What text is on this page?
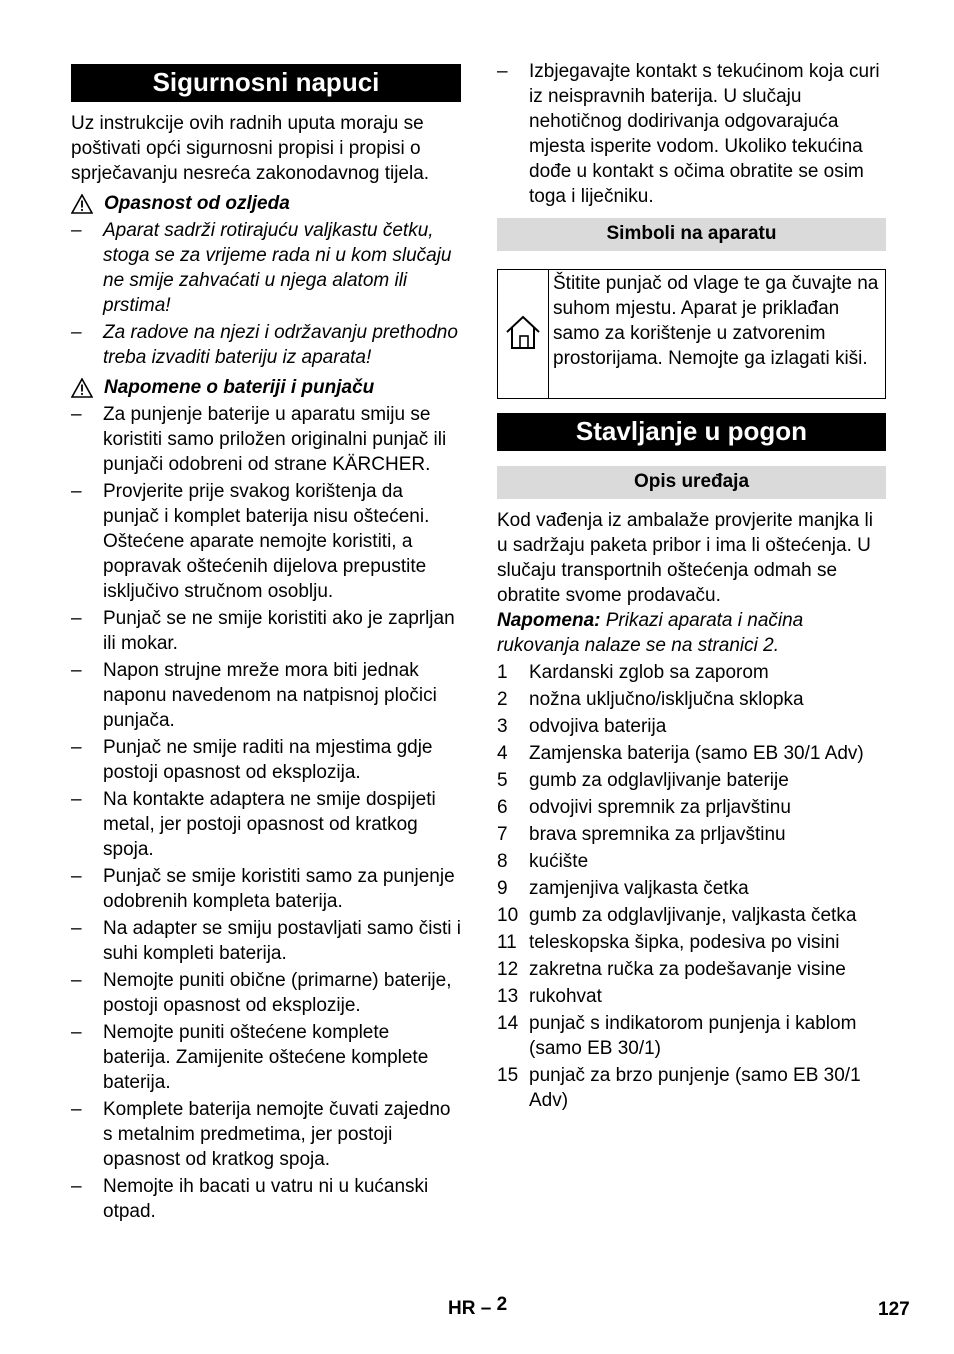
Sigurnosni napuci

Uz instrukcije ovih radnih uputa moraju se poštivati opći sigurnosni propisi i propisi o sprječavanju nesreća zakonodavnog tijela.

Opasnost od ozljeda
– Aparat sadrži rotirajuću valjkastu četku, stoga se za vrijeme rada ni u kom slučaju ne smije zahvaćati u njega alatom ili prstima!
– Za radove na njezi i održavanju prethodno treba izvaditi bateriju iz aparata!
Napomene o bateriji i punjaču
– Za punjenje baterije u aparatu smiju se koristiti samo priložen originalni punjač ili punjači odobreni od strane KÄRCHER.
– Provjerite prije svakog korištenja da punjač i komplet baterija nisu oštećeni. Oštećene aparate nemojte koristiti, a popravak oštećenih dijelova prepustite isključivo stručnom osoblju.
– Punjač se ne smije koristiti ako je zaprljan ili mokar.
– Napon strujne mreže mora biti jednak naponu navedenom na natpisnoj pločici punjača.
– Punjač ne smije raditi na mjestima gdje postoji opasnost od eksplozija.
– Na kontakte adaptera ne smije dospijeti metal, jer postoji opasnost od kratkog spoja.
– Punjač se smije koristiti samo za punjenje odobrenih kompleta baterija.
– Na adapter se smiju postavljati samo čisti i suhi kompleti baterija.
– Nemojte puniti obične (primarne) baterije, postoji opasnost od eksplozije.
– Nemojte puniti oštećene komplete baterija. Zamijenite oštećene komplete baterija.
– Komplete baterija nemojte čuvati zajedno s metalnim predmetima, jer postoji opasnost od kratkog spoja.
– Nemojte ih bacati u vatru ni u kućanski otpad.
– Izbjegavajte kontakt s tekućinom koja curi iz neispravnih baterija. U slučaju nehotičnog dodirivanja odgovarajuća mjesta isperite vodom. Ukoliko tekućina dođe u kontakt s očima obratite se osim toga i liječniku.
Simboli na aparatu
Štitite punjač od vlage te ga čuvajte na suhom mjestu. Aparat je priklađan samo za korištenje u zatvorenim prostorijama. Nemojte ga izlagati kiši.
Stavljanje u pogon
Opis uređaja

Kod vađenja iz ambalaže provjerite manjka li u sadržaju paketa pribor i ima li oštećenja. U slučaju transportnih oštećenja odmah se obratite svome prodavaču.

Napomena: Prikazi aparata i načina rukovanja nalaze se na stranici 2.

1 Kardanski zglob sa zaporom
2 nožna uključno/isključna sklopka
3 odvojiva baterija
4 Zamjenska baterija (samo EB 30/1 Adv)
5 gumb za odglavljivanje baterije
6 odvojivi spremnik za prljavštinu
7 brava spremnika za prljavštinu
8 kućište
9 zamjenjiva valjkasta četka
10 gumb za odglavljivanje, valjkasta četka
11 teleskopska šipka, podesiva po visini
12 zakretna ručka za podešavanje visine
13 rukohvat
14 punjač s indikatorom punjenja i kablom (samo EB 30/1)
15 punjač za brzo punjenje (samo EB 30/1 Adv)
HR – 2	127
